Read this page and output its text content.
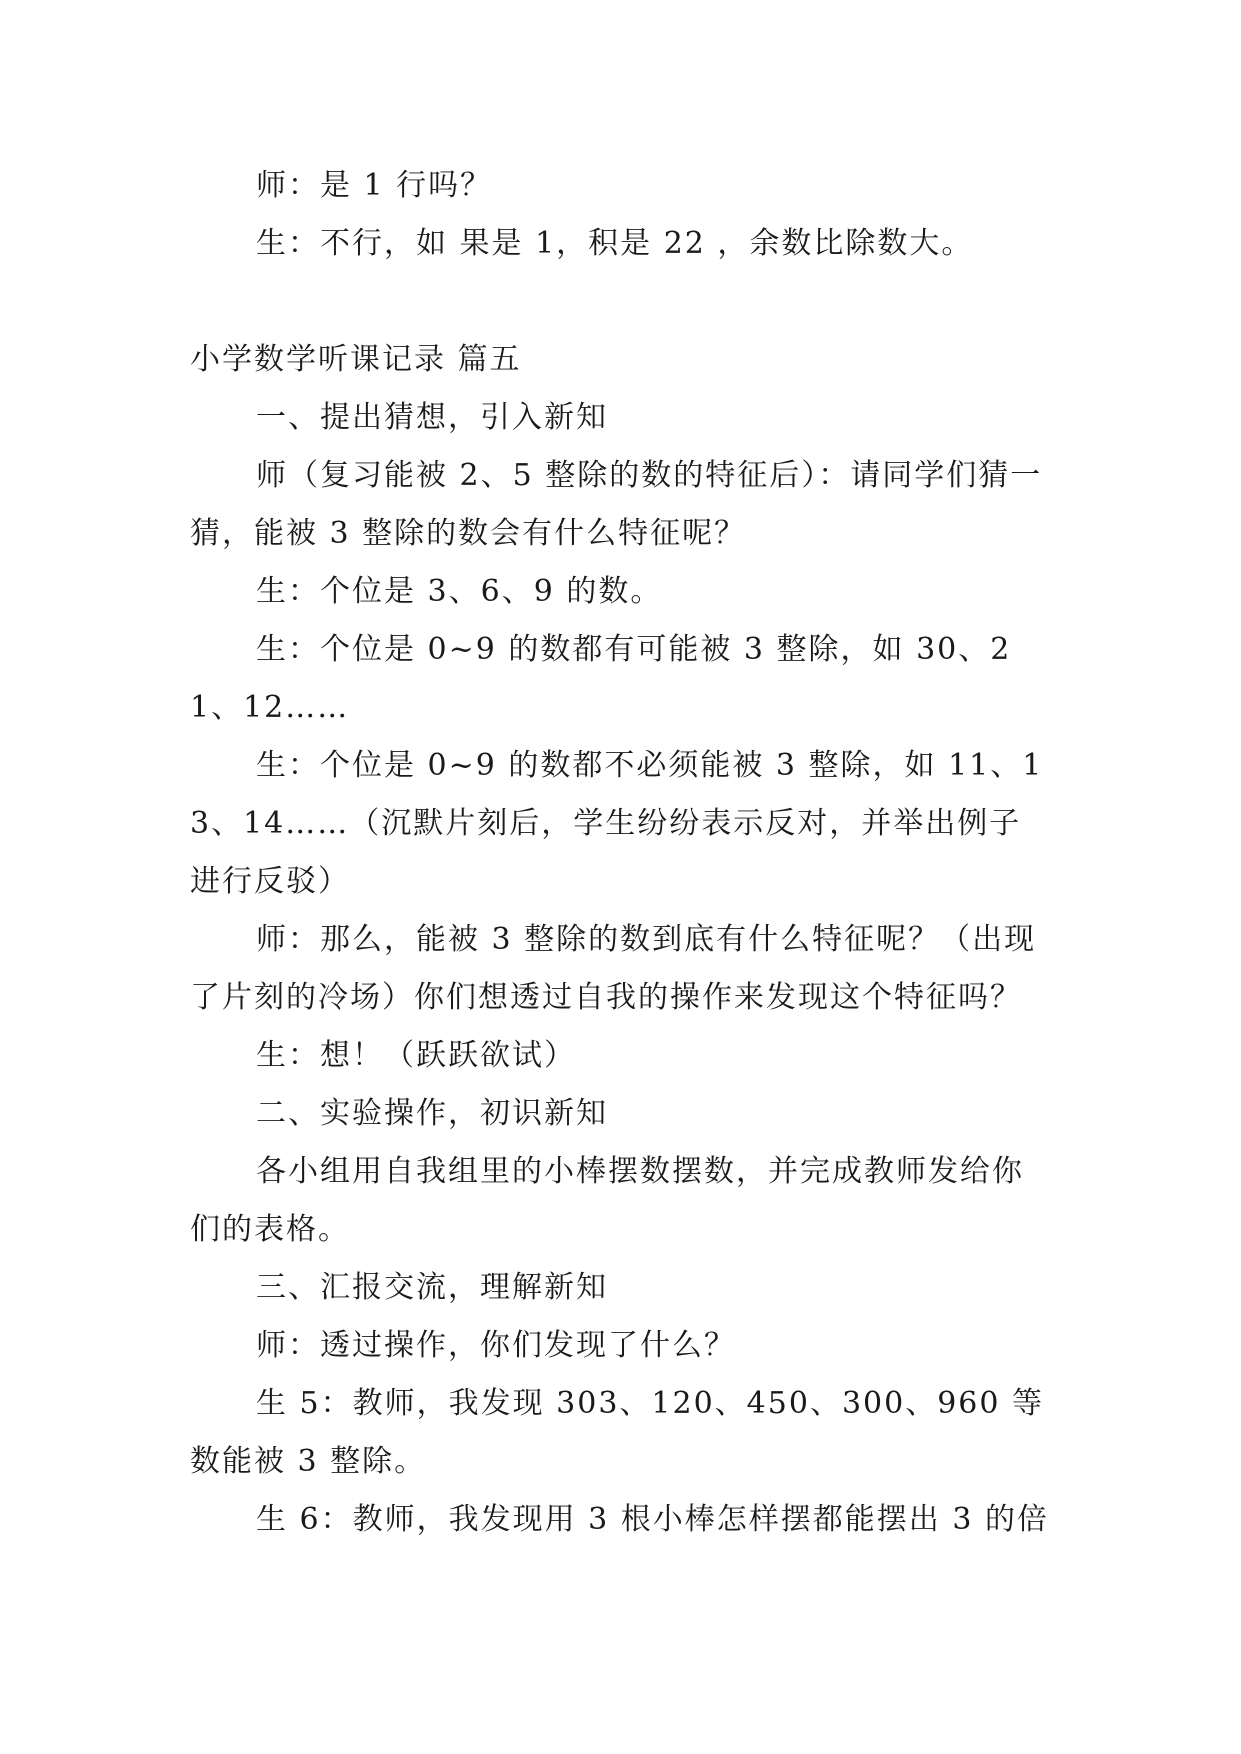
师：是 1 行吗？

生：不行，如 果是 1，积是 22 ，余数比除数大。

小学数学听课记录 篇五

一、提出猜想，引入新知

师（复习能被 2、5 整除的数的特征后）：请同学们猜一猜，能被 3 整除的数会有什么特征呢？

生：个位是 3、6、9 的数。

生：个位是 0~9 的数都有可能被 3 整除，如 30、21、12……

生：个位是 0~9 的数都不必须能被 3 整除，如 11、13、14……（沉默片刻后，学生纷纷表示反对，并举出例子进行反驳）

师：那么，能被 3 整除的数到底有什么特征呢？（出现了片刻的冷场）你们想透过自我的操作来发现这个特征吗？

生：想！（跃跃欲试）

二、实验操作，初识新知

各小组用自我组里的小棒摆数摆数，并完成教师发给你们的表格。

三、汇报交流，理解新知

师：透过操作，你们发现了什么？

生 5：教师，我发现 303、120、450、300、960 等数能被 3 整除。

生 6：教师，我发现用 3 根小棒怎样摆都能摆出 3 的倍
